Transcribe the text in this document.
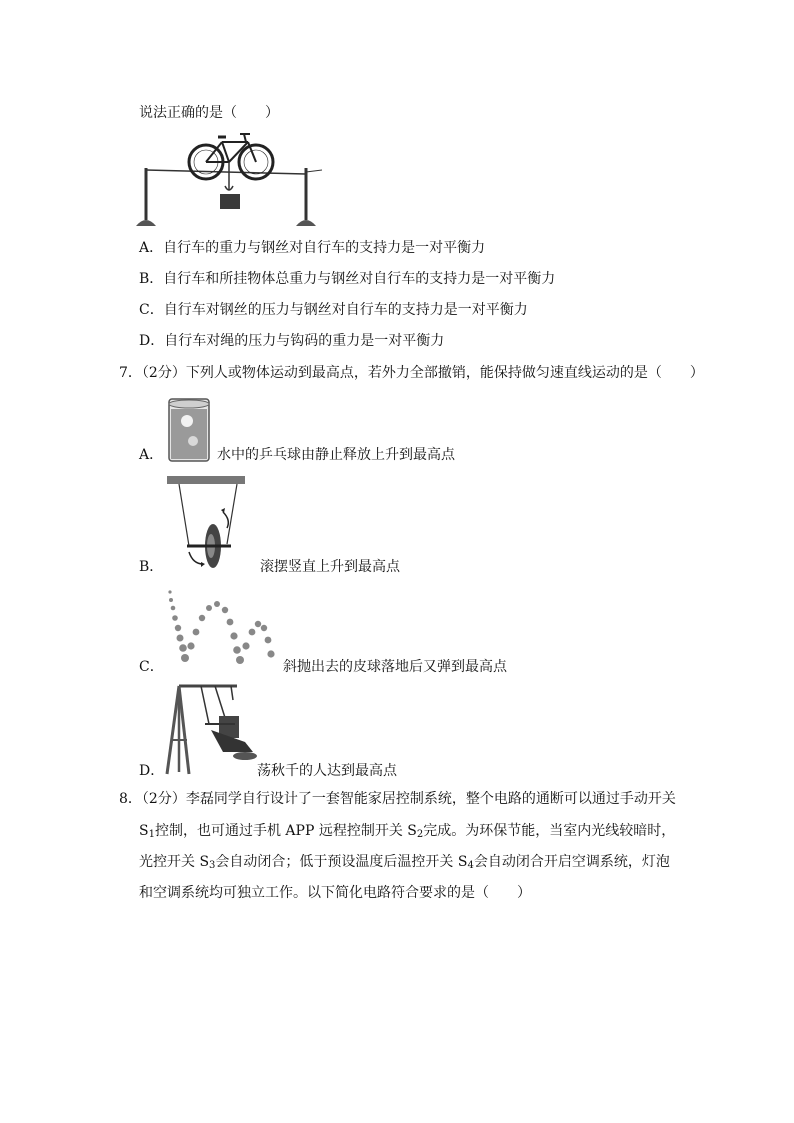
说法正确的是（　　）
A．自行车的重力与钢丝对自行车的支持力是一对平衡力
B．自行车和所挂物体总重力与钢丝对自行车的支持力是一对平衡力
C．自行车对钢丝的压力与钢丝对自行车的支持力是一对平衡力
D．自行车对绳的压力与钩码的重力是一对平衡力
7．（2分）下列人或物体运动到最高点，若外力全部撤销，能保持做匀速直线运动的是（　　）
A．	水中的乒乓球由静止释放上升到最高点
B．	滚摆竖直上升到最高点
C．	斜抛出去的皮球落地后又弹到最高点
D．	荡秋千的人达到最高点
8．（2分）李磊同学自行设计了一套智能家居控制系统，整个电路的通断可以通过手动开关
$S_1$控制，也可通过手机 APP 远程控制开关 $S_2$完成。为环保节能，当室内光线较暗时，
光控开关 $S_3$会自动闭合；低于预设温度后温控开关 $S_4$会自动闭合开启空调系统，灯泡
和空调系统均可独立工作。以下简化电路符合要求的是（　　）
